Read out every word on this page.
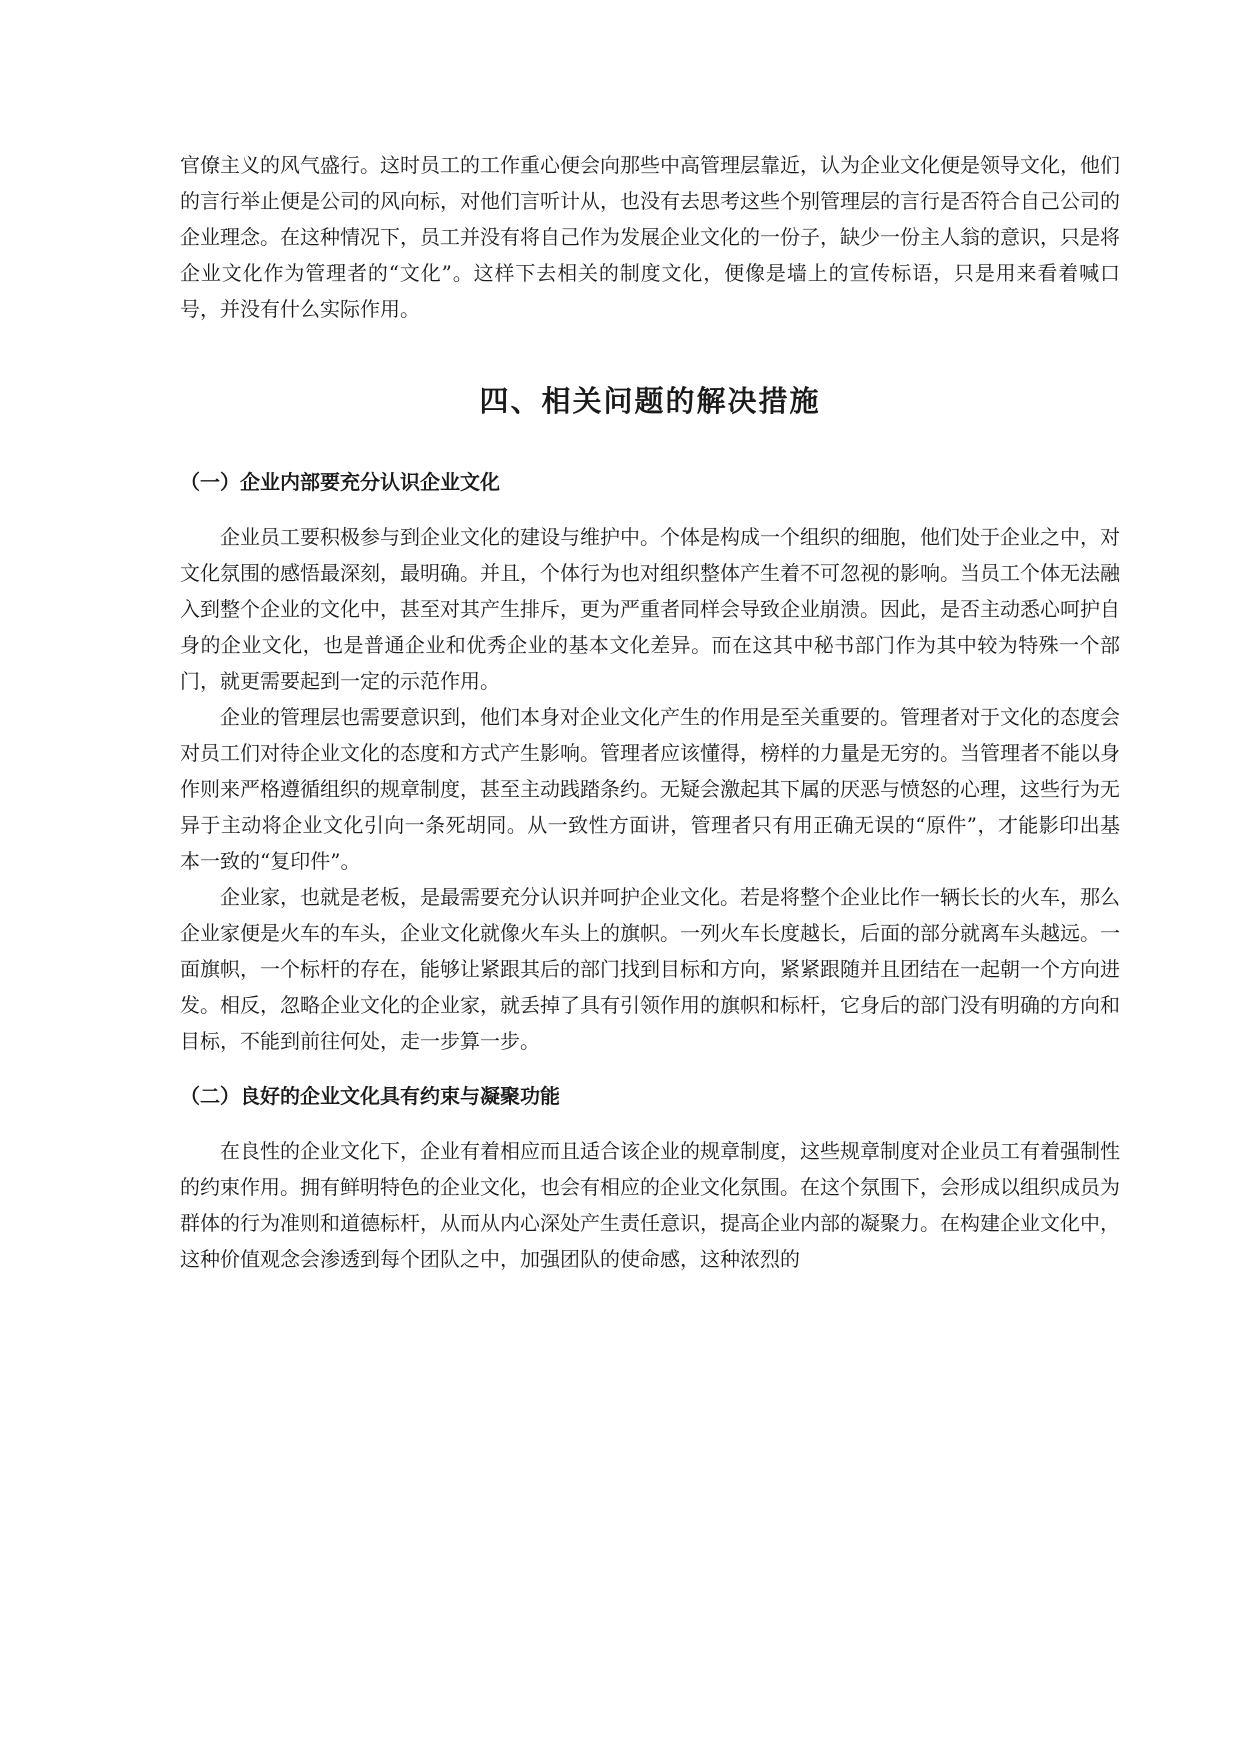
官僚主义的风气盛行。这时员工的工作重心便会向那些中高管理层靠近，认为企业文化便是领导文化，他们的言行举止便是公司的风向标，对他们言听计从，也没有去思考这些个别管理层的言行是否符合自己公司的企业理念。在这种情况下，员工并没有将自己作为发展企业文化的一份子，缺少一份主人翁的意识，只是将企业文化作为管理者的“文化”。这样下去相关的制度文化，便像是墙上的宣传标语，只是用来看着喊口号，并没有什么实际作用。

四、相关问题的解决措施
（一）企业内部要充分认识企业文化

企业员工要积极参与到企业文化的建设与维护中。个体是构成一个组织的细胞，他们处于企业之中，对文化氛围的感悟最深刻，最明确。并且，个体行为也对组织整体产生着不可忽视的影响。当员工个体无法融入到整个企业的文化中，甚至对其产生排斥，更为严重者同样会导致企业崩溃。因此，是否主动悉心呵护自身的企业文化，也是普通企业和优秀企业的基本文化差异。而在这其中秘书部门作为其中较为特殊一个部门，就更需要起到一定的示范作用。

企业的管理层也需要意识到，他们本身对企业文化产生的作用是至关重要的。管理者对于文化的态度会对员工们对待企业文化的态度和方式产生影响。管理者应该懂得，榜样的力量是无穷的。当管理者不能以身作则来严格遵循组织的规章制度，甚至主动践踏条约。无疑会激起其下属的厌恶与愤怒的心理，这些行为无异于主动将企业文化引向一条死胡同。从一致性方面讲，管理者只有用正确无误的“原件”，才能影印出基本一致的“复印件”。

企业家，也就是老板，是最需要充分认识并呵护企业文化。若是将整个企业比作一辆长长的火车，那么企业家便是火车的车头，企业文化就像火车头上的旗帜。一列火车长度越长，后面的部分就离车头越远。一面旗帜，一个标杆的存在，能够让紧跟其后的部门找到目标和方向，紧紧跟随并且团结在一起朝一个方向进发。相反，忽略企业文化的企业家，就丢掉了具有引领作用的旗帜和标杆，它身后的部门没有明确的方向和目标，不能到前往何处，走一步算一步。

（二）良好的企业文化具有约束与凝聚功能

在良性的企业文化下，企业有着相应而且适合该企业的规章制度，这些规章制度对企业员工有着强制性的约束作用。拥有鲜明特色的企业文化，也会有相应的企业文化氛围。在这个氛围下，会形成以组织成员为群体的行为准则和道德标杆，从而从内心深处产生责任意识，提高企业内部的凝聚力。在构建企业文化中，这种价值观念会渗透到每个团队之中，加强团队的使命感，这种浓烈的
